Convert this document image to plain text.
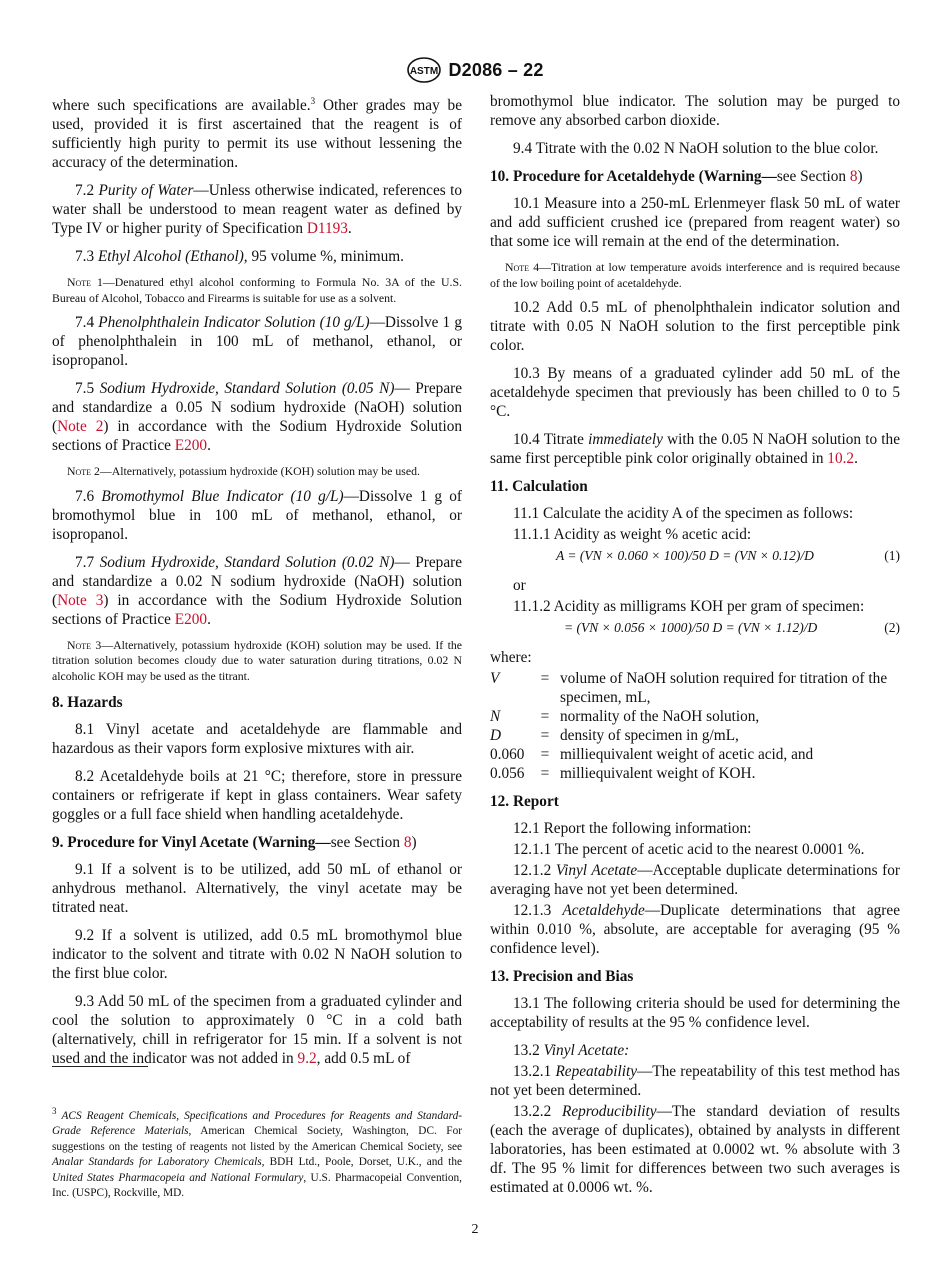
ASTM D2086 – 22

where such specifications are available.$^3$ Other grades may be used, provided it is first ascertained that the reagent is of sufficiently high purity to permit its use without lessening the accuracy of the determination.

7.2 Purity of Water—Unless otherwise indicated, references to water shall be understood to mean reagent water as defined by Type IV or higher purity of Specification D1193.

7.3 Ethyl Alcohol (Ethanol), 95 volume %, minimum.

Note 1—Denatured ethyl alcohol conforming to Formula No. 3A of the U.S. Bureau of Alcohol, Tobacco and Firearms is suitable for use as a solvent.

7.4 Phenolphthalein Indicator Solution (10 g/L)—Dissolve 1 g of phenolphthalein in 100 mL of methanol, ethanol, or isopropanol.

7.5 Sodium Hydroxide, Standard Solution (0.05 N)— Prepare and standardize a 0.05 N sodium hydroxide (NaOH) solution (Note 2) in accordance with the Sodium Hydroxide Solution sections of Practice E200.

Note 2—Alternatively, potassium hydroxide (KOH) solution may be used.

7.6 Bromothymol Blue Indicator (10 g/L)—Dissolve 1 g of bromothymol blue in 100 mL of methanol, ethanol, or isopropanol.

7.7 Sodium Hydroxide, Standard Solution (0.02 N)— Prepare and standardize a 0.02 N sodium hydroxide (NaOH) solution (Note 3) in accordance with the Sodium Hydroxide Solution sections of Practice E200.

Note 3—Alternatively, potassium hydroxide (KOH) solution may be used. If the titration solution becomes cloudy due to water saturation during titrations, 0.02 N alcoholic KOH may be used as the titrant.
8. Hazards

8.1 Vinyl acetate and acetaldehyde are flammable and hazardous as their vapors form explosive mixtures with air.

8.2 Acetaldehyde boils at 21 °C; therefore, store in pressure containers or refrigerate if kept in glass containers. Wear safety goggles or a full face shield when handling acetaldehyde.

9. Procedure for Vinyl Acetate (Warning—see Section 8)

9.1 If a solvent is to be utilized, add 50 mL of ethanol or anhydrous methanol. Alternatively, the vinyl acetate may be titrated neat.

9.2 If a solvent is utilized, add 0.5 mL bromothymol blue indicator to the solvent and titrate with 0.02 N NaOH solution to the first blue color.

9.3 Add 50 mL of the specimen from a graduated cylinder and cool the solution to approximately 0 °C in a cold bath (alternatively, chill in refrigerator for 15 min. If a solvent is not used and the indicator was not added in 9.2, add 0.5 mL of

$^3$ ACS Reagent Chemicals, Specifications and Procedures for Reagents and Standard-Grade Reference Materials, American Chemical Society, Washington, DC. For suggestions on the testing of reagents not listed by the American Chemical Society, see Analar Standards for Laboratory Chemicals, BDH Ltd., Poole, Dorset, U.K., and the United States Pharmacopeia and National Formulary, U.S. Pharmacopeial Convention, Inc. (USPC), Rockville, MD.

bromothymol blue indicator. The solution may be purged to remove any absorbed carbon dioxide.

9.4 Titrate with the 0.02 N NaOH solution to the blue color.

10. Procedure for Acetaldehyde (Warning—see Section 8)

10.1 Measure into a 250-mL Erlenmeyer flask 50 mL of water and add sufficient crushed ice (prepared from reagent water) so that some ice will remain at the end of the determination.

Note 4—Titration at low temperature avoids interference and is required because of the low boiling point of acetaldehyde.

10.2 Add 0.5 mL of phenolphthalein indicator solution and titrate with 0.05 N NaOH solution to the first perceptible pink color.

10.3 By means of a graduated cylinder add 50 mL of the acetaldehyde specimen that previously has been chilled to 0 to 5 °C.

10.4 Titrate immediately with the 0.05 N NaOH solution to the same first perceptible pink color originally obtained in 10.2.

11. Calculation

11.1 Calculate the acidity A of the specimen as follows:

11.1.1 Acidity as weight % acetic acid:

A = (VN × 0.060 × 100)/50 D = (VN × 0.12)/D	(1)

or

11.1.2 Acidity as milligrams KOH per gram of specimen:

= (VN × 0.056 × 1000)/50 D = (VN × 1.12)/D	(2)

where:

V	= volume of NaOH solution required for titration of the specimen, mL,
N	= normality of the NaOH solution,
D	= density of specimen in g/mL,
0.060	= milliequivalent weight of acetic acid, and
0.056	= milliequivalent weight of KOH.
12. Report

12.1 Report the following information:

12.1.1 The percent of acetic acid to the nearest 0.0001 %.

12.1.2 Vinyl Acetate—Acceptable duplicate determinations for averaging have not yet been determined.

12.1.3 Acetaldehyde—Duplicate determinations that agree within 0.010 %, absolute, are acceptable for averaging (95 % confidence level).

13. Precision and Bias

13.1 The following criteria should be used for determining the acceptability of results at the 95 % confidence level.

13.2 Vinyl Acetate:

13.2.1 Repeatability—The repeatability of this test method has not yet been determined.

13.2.2 Reproducibility—The standard deviation of results (each the average of duplicates), obtained by analysts in different laboratories, has been estimated at 0.0002 wt. % absolute with 3 df. The 95 % limit for differences between two such averages is estimated at 0.0006 wt. %.

2
